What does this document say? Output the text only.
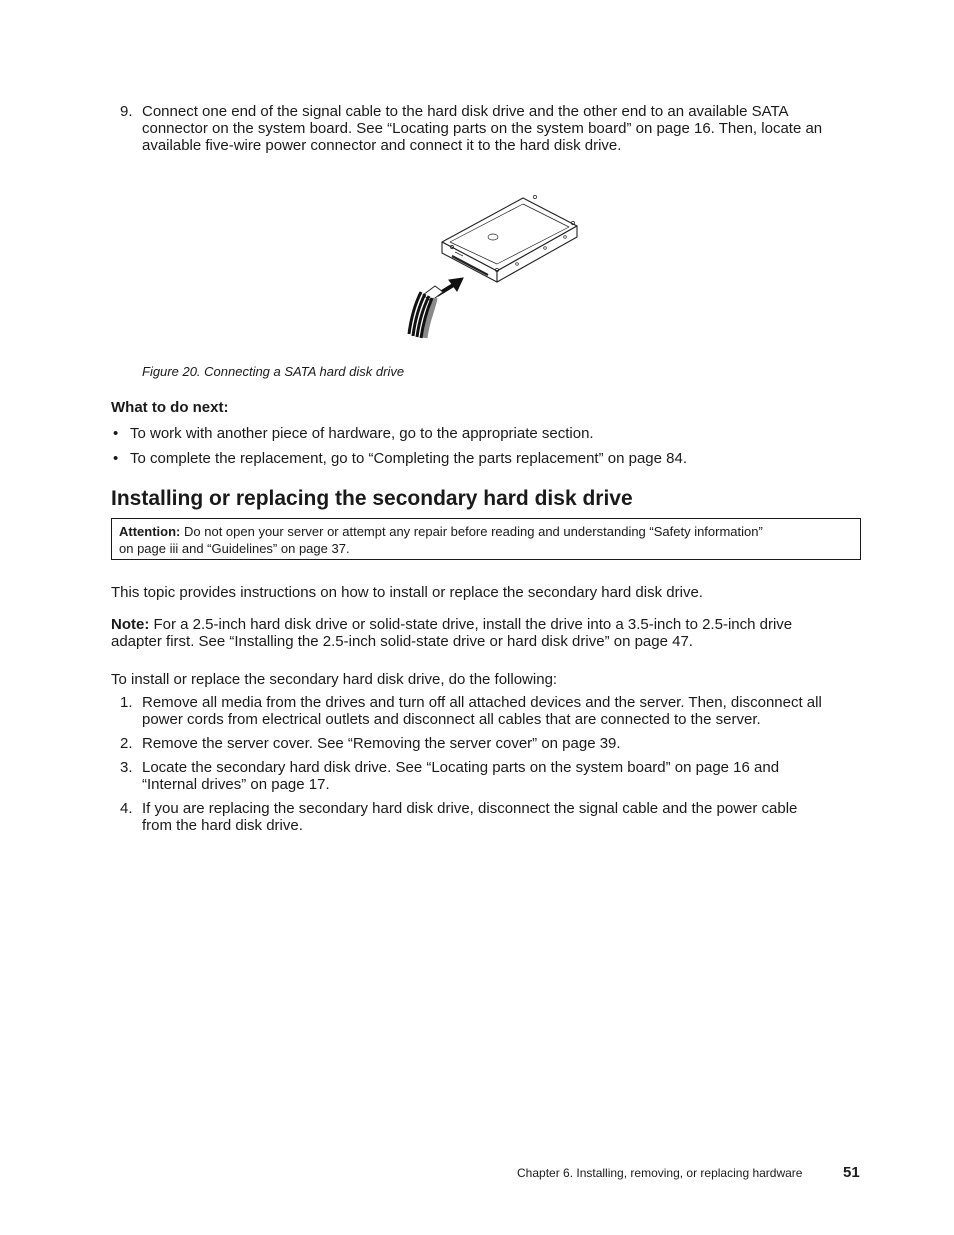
9. Connect one end of the signal cable to the hard disk drive and the other end to an available SATA
connector on the system board. See “Locating parts on the system board” on page 16. Then, locate an
available five-wire power connector and connect it to the hard disk drive.
Figure 20. Connecting a SATA hard disk drive
What to do next:
• To work with another piece of hardware, go to the appropriate section.
• To complete the replacement, go to “Completing the parts replacement” on page 84.
Installing or replacing the secondary hard disk drive
Attention: Do not open your server or attempt any repair before reading and understanding “Safety information”
on page iii and “Guidelines” on page 37.
This topic provides instructions on how to install or replace the secondary hard disk drive.
Note: For a 2.5-inch hard disk drive or solid-state drive, install the drive into a 3.5-inch to 2.5-inch drive
adapter first. See “Installing the 2.5-inch solid-state drive or hard disk drive” on page 47.
To install or replace the secondary hard disk drive, do the following:
1. Remove all media from the drives and turn off all attached devices and the server. Then, disconnect all
power cords from electrical outlets and disconnect all cables that are connected to the server.
2. Remove the server cover. See “Removing the server cover” on page 39.
3. Locate the secondary hard disk drive. See “Locating parts on the system board” on page 16 and
“Internal drives” on page 17.
4. If you are replacing the secondary hard disk drive, disconnect the signal cable and the power cable
from the hard disk drive.
Chapter 6. Installing, removing, or replacing hardware	51
